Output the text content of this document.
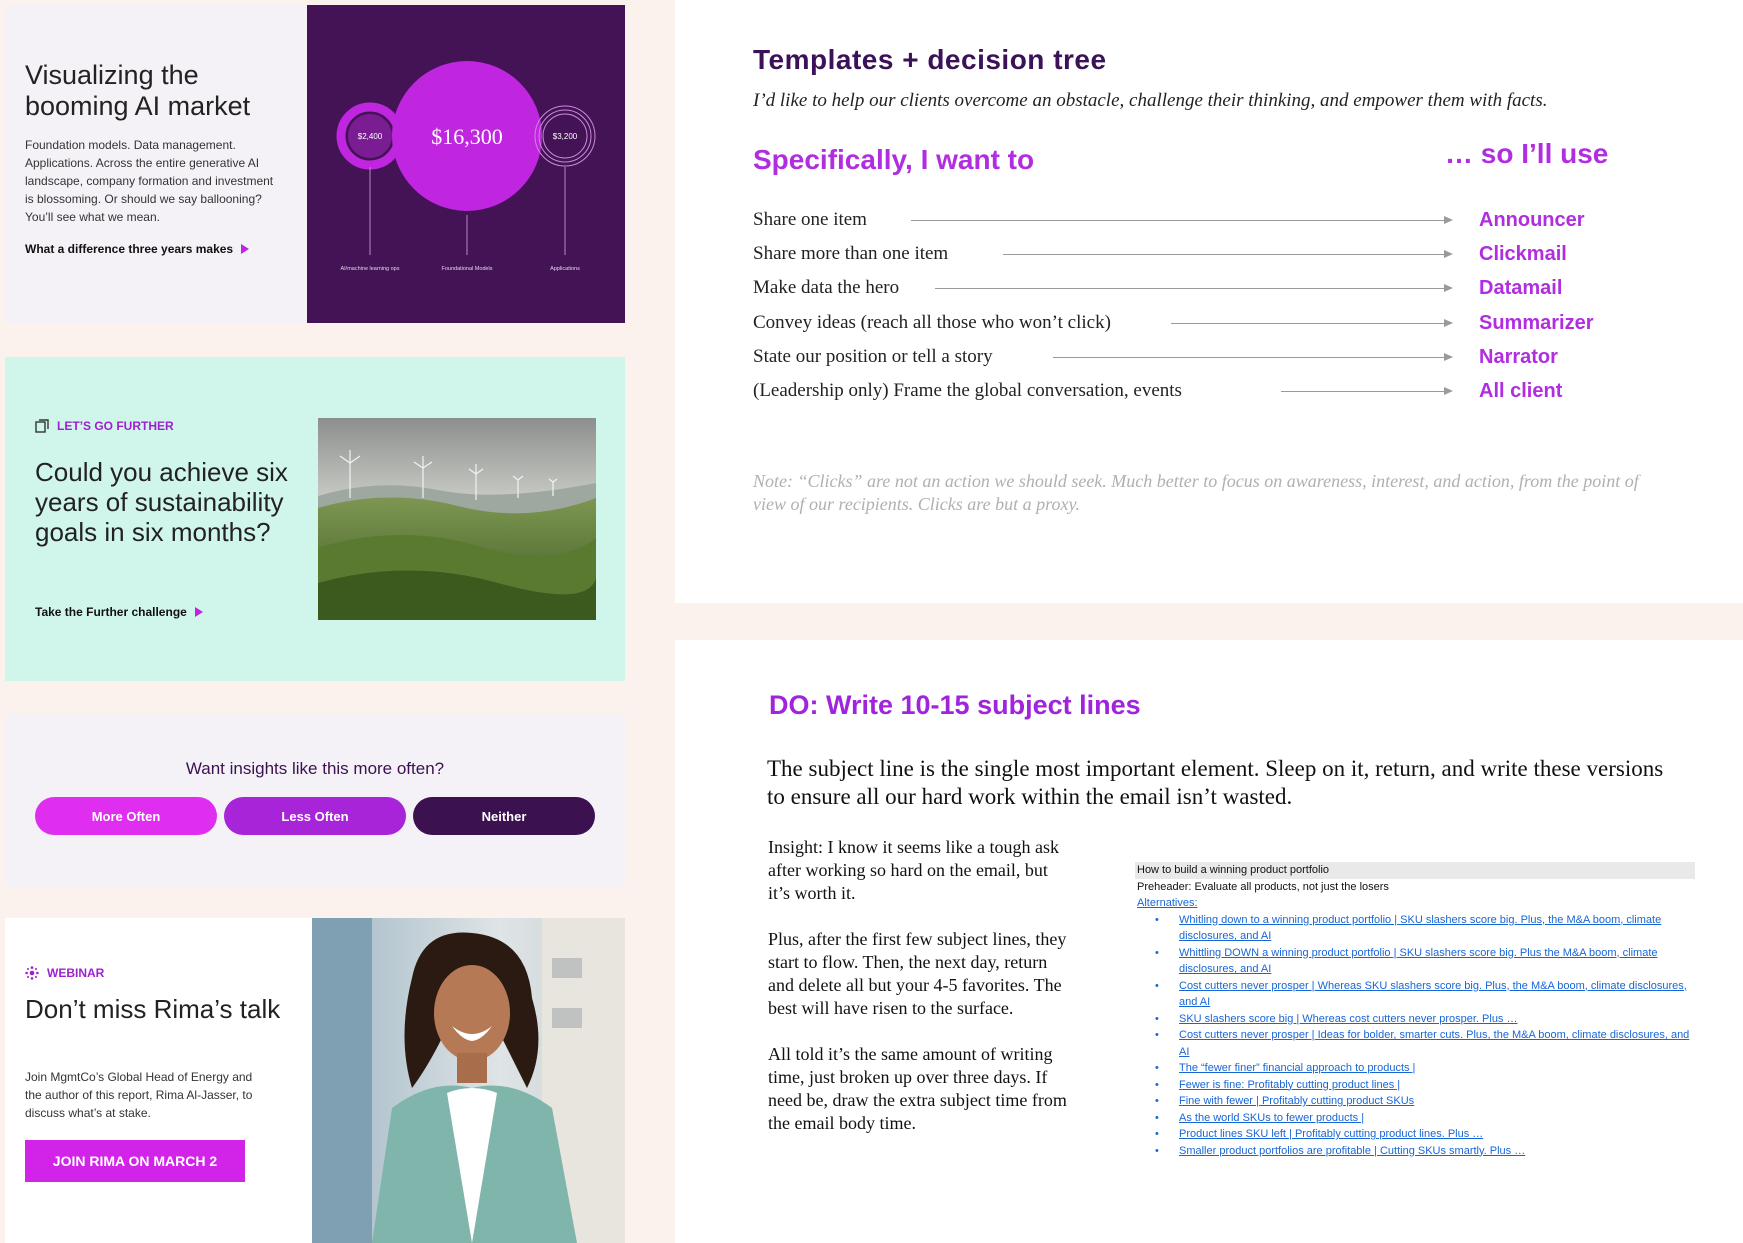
Visualizing the booming AI market

Foundation models. Data management. Applications. Across the entire generative AI landscape, company formation and investment is blossoming. Or should we say ballooning? You’ll see what we mean.

What a difference three years makes
$2,400 $16,300	$3,200
AI/machine learning ops	Foundational Models	Applications
LET’S GO FURTHER
Could you achieve six years of sustainability goals in six months?
Take the Further challenge
Want insights like this more often?
More Often	Less Often	Neither
WEBINAR
Don’t miss Rima’s talk

Join MgmtCo’s Global Head of Energy and the author of this report, Rima Al-Jasser, to discuss what’s at stake.

JOIN RIMA ON MARCH 2
Templates + decision tree
I’d like to help our clients overcome an obstacle, challenge their thinking, and empower them with facts.
Specifically, I want to	… so I’ll use
Share one item	Announcer
Share more than one item	Clickmail
Make data the hero	Datamail
Convey ideas (reach all those who won’t click)	Summarizer
State our position or tell a story	Narrator
(Leadership only) Frame the global conversation, events	All client
Note: “Clicks” are not an action we should seek. Much better to focus on awareness, interest, and action, from the point of view of our recipients. Clicks are but a proxy.
DO: Write 10-15 subject lines

The subject line is the single most important element. Sleep on it, return, and write these versions to ensure all our hard work within the email isn’t wasted.

Insight: I know it seems like a tough ask after working so hard on the email, but it’s worth it.

Plus, after the first few subject lines, they start to flow. Then, the next day, return and delete all but your 4-5 favorites. The best will have risen to the surface.

All told it’s the same amount of writing time, just broken up over three days. If need be, draw the extra subject time from the email body time.

How to build a winning product portfolio
Preheader: Evaluate all products, not just the losers
Alternatives:
• Whitling down to a winning product portfolio | SKU slashers score big. Plus, the M&A boom, climate disclosures, and AI
• Whittling DOWN a winning product portfolio | SKU slashers score big. Plus the M&A boom, climate disclosures, and AI
• Cost cutters never prosper | Whereas SKU slashers score big. Plus, the M&A boom, climate disclosures, and AI
• SKU slashers score big | Whereas cost cutters never prosper. Plus …
• Cost cutters never prosper | Ideas for bolder, smarter cuts. Plus, the M&A boom, climate disclosures, and AI
• The “fewer finer” financial approach to products |
• Fewer is fine: Profitably cutting product lines |
• Fine with fewer | Profitably cutting product SKUs
• As the world SKUs to fewer products |
• Product lines SKU left | Profitably cutting product lines. Plus …
• Smaller product portfolios are profitable | Cutting SKUs smartly. Plus …
